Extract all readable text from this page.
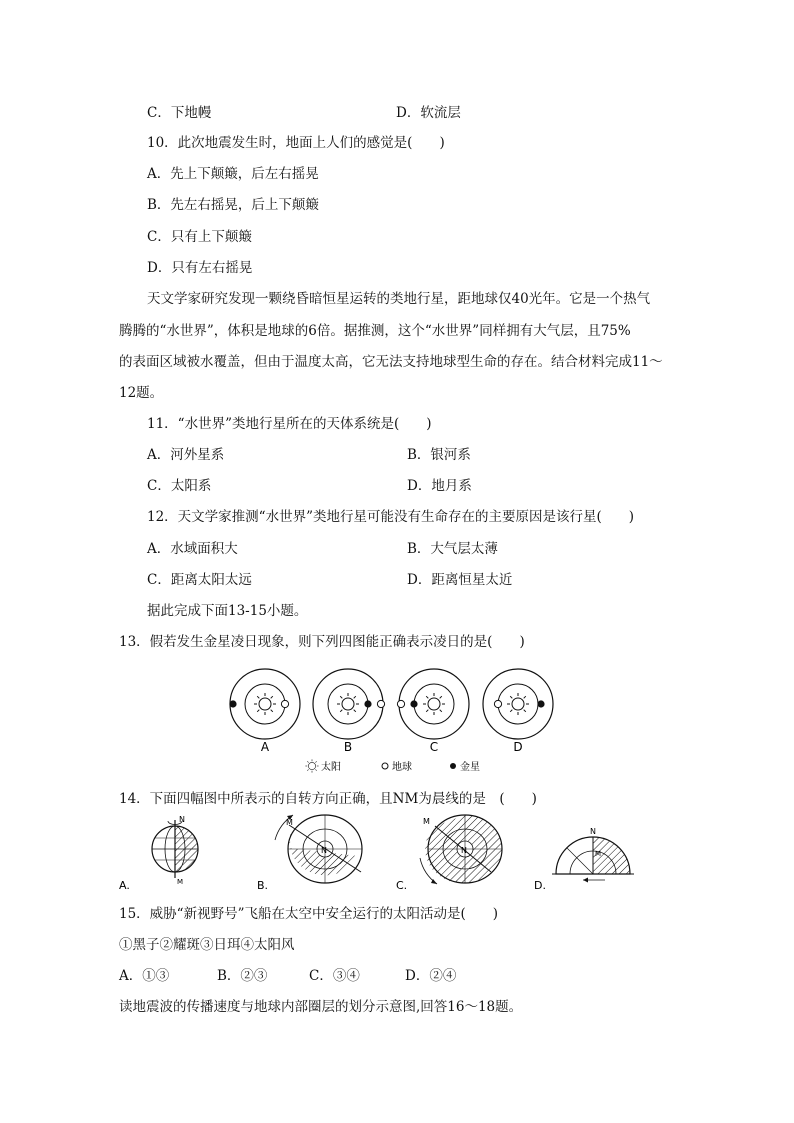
C．下地幔	D．软流层
10．此次地震发生时，地面上人们的感觉是(　　)
A．先上下颠簸，后左右摇晃
B．先左右摇晃，后上下颠簸
C．只有上下颠簸
D．只有左右摇晃
天文学家研究发现一颗绕昏暗恒星运转的类地行星，距地球仅40光年。它是一个热气
腾腾的“水世界”，体积是地球的6倍。据推测，这个“水世界”同样拥有大气层，且75%
的表面区域被水覆盖，但由于温度太高，它无法支持地球型生命的存在。结合材料完成11～
12题。
11．“水世界”类地行星所在的天体系统是(　　)
A．河外星系	B．银河系
C．太阳系	D．地月系
12．天文学家推测“水世界”类地行星可能没有生命存在的主要原因是该行星(　　)
A．水域面积大	B．大气层太薄
C．距离太阳太远	D．距离恒星太近
据此完成下面13-15小题。
13．假若发生金星凌日现象，则下列四图能正确表示凌日的是(　　)
A	B	C	D
太阳	地球	金星
14．下面四幅图中所表示的自转方向正确，且NM为晨线的是　(　　)
N
M
A.
N
M
B.
N
M
C.
N
M
D.
15．威胁“新视野号”飞船在太空中安全运行的太阳活动是(　　)
①黑子②耀斑③日珥④太阳风
A．①③	B．②③	C．③④	D．②④
读地震波的传播速度与地球内部圈层的划分示意图,回答16～18题。
